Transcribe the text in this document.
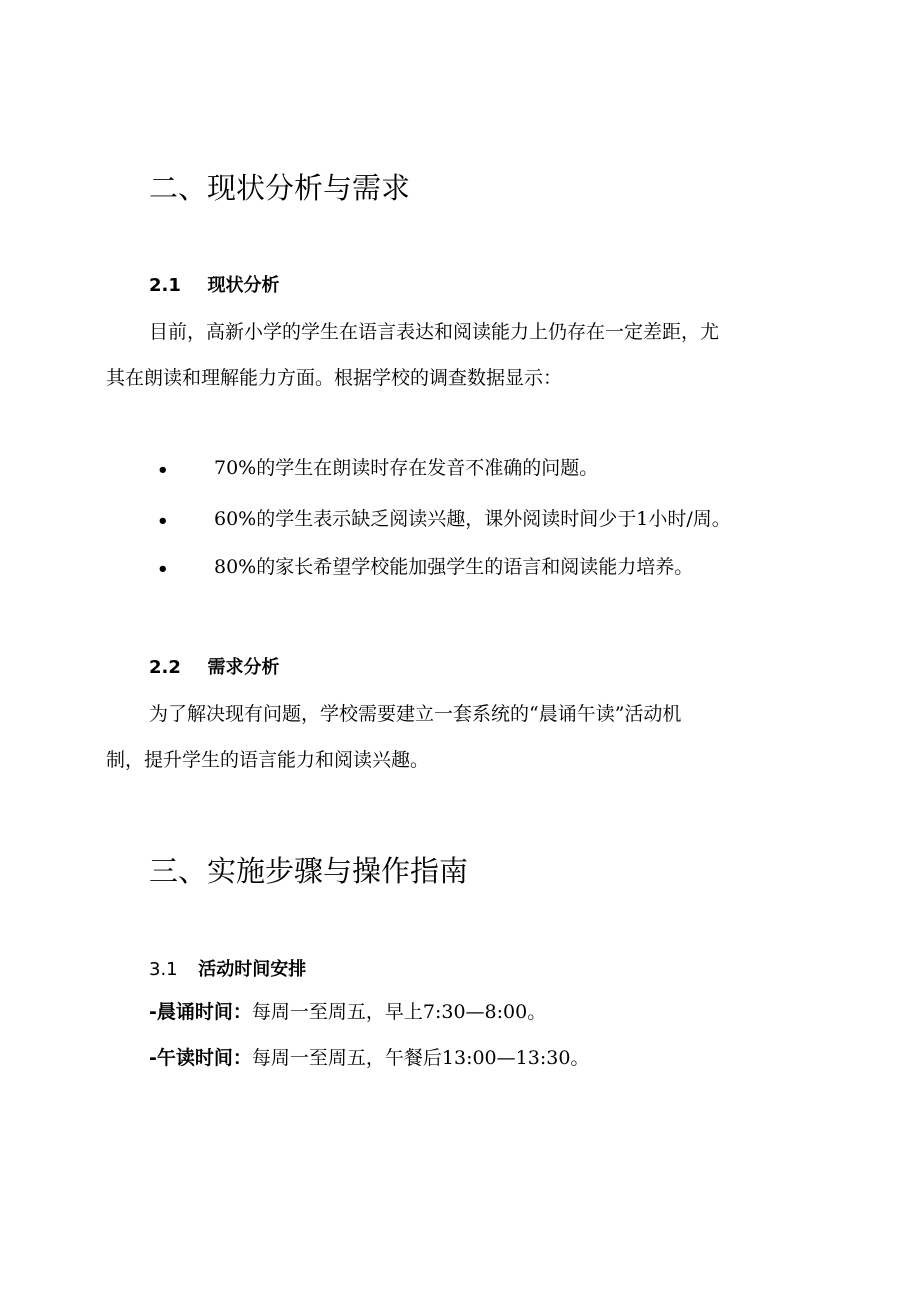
二、现状分析与需求
2.1 现状分析
目前，高新小学的学生在语言表达和阅读能力上仍存在一定差距，尤
其在朗读和理解能力方面。根据学校的调查数据显示：
• 70%的学生在朗读时存在发音不准确的问题。
• 60%的学生表示缺乏阅读兴趣，课外阅读时间少于1小时/周。
• 80%的家长希望学校能加强学生的语言和阅读能力培养。
2.2 需求分析
为了解决现有问题，学校需要建立一套系统的“晨诵午读”活动机
制，提升学生的语言能力和阅读兴趣。
三、实施步骤与操作指南
3.1 活动时间安排
-晨诵时间：每周一至周五，早上7:30—8:00。
-午读时间：每周一至周五，午餐后13:00—13:30。
